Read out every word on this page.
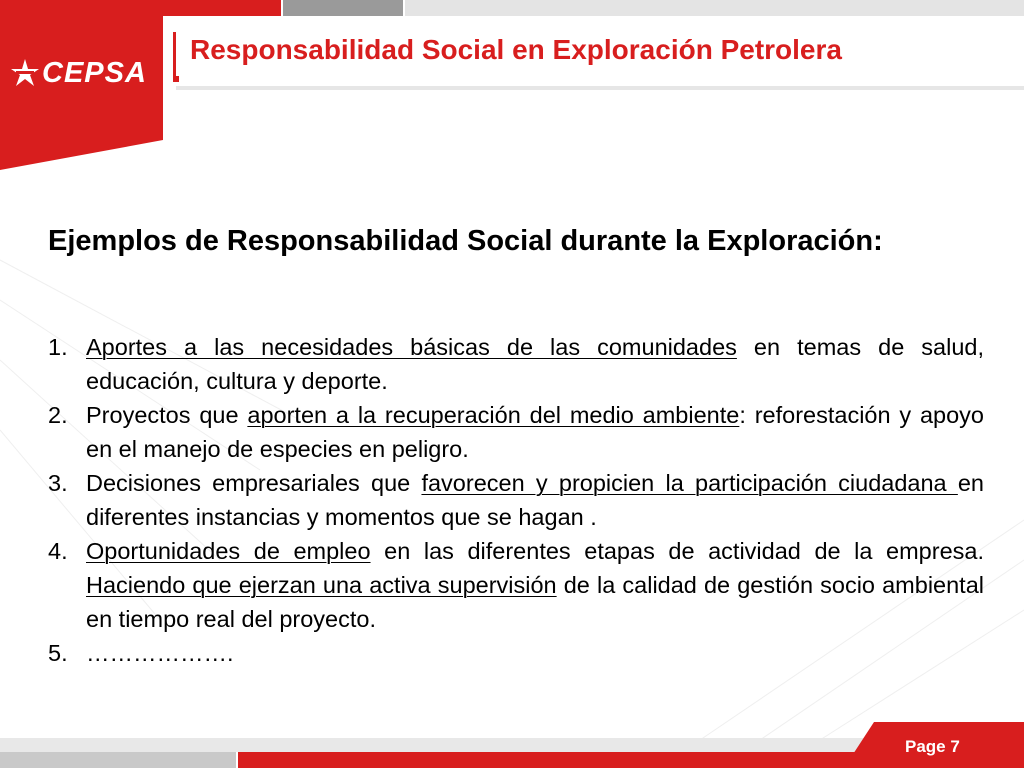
CEPSA
Responsabilidad Social en Exploración Petrolera

Ejemplos de Responsabilidad Social durante la Exploración:

1. Aportes a las necesidades básicas de las comunidades en temas de salud, educación, cultura y deporte.
2. Proyectos que aporten a la recuperación del medio ambiente: reforestación y apoyo en el manejo de especies en peligro.
3. Decisiones empresariales que favorecen y propicien la participación ciudadana en diferentes instancias y momentos que se hagan .
4. Oportunidades de empleo en las diferentes etapas de actividad de la empresa. Haciendo que ejerzan una activa supervisión de la calidad de gestión socio ambiental en tiempo real del proyecto.
5. ……………….
Page 7
